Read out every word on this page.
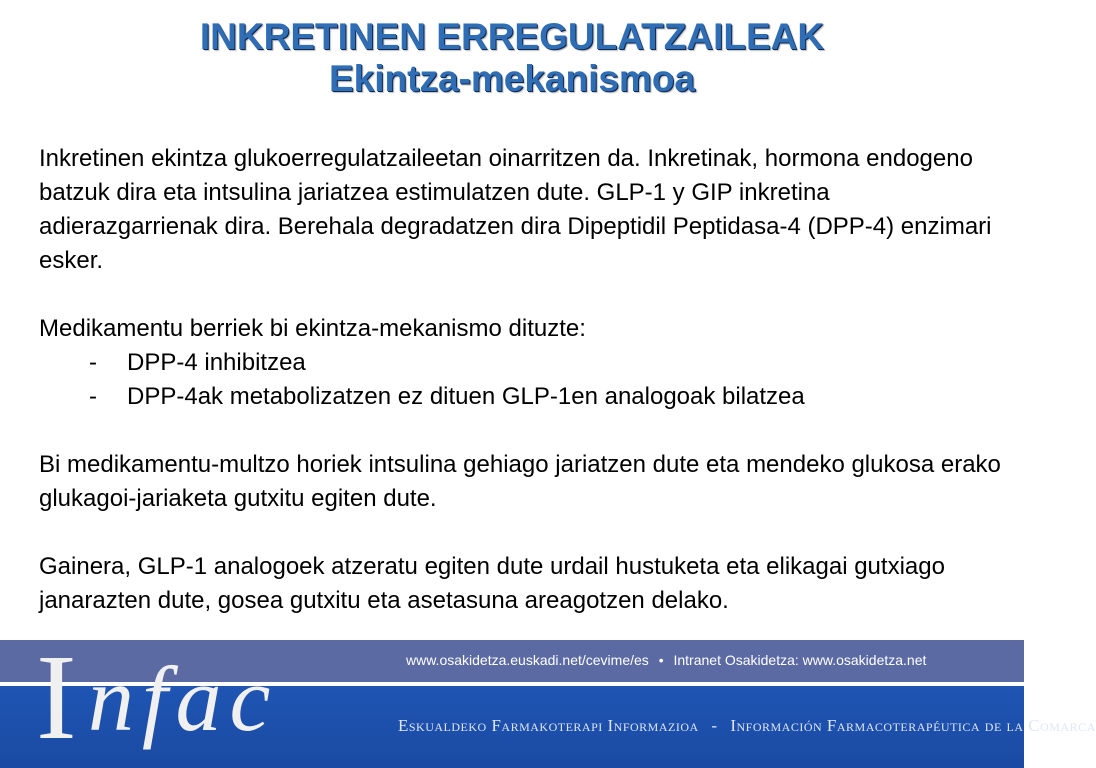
INKRETINEN ERREGULATZAILEAK
Ekintza-mekanismoa

Inkretinen ekintza glukoerregulatzaileetan oinarritzen da. Inkretinak, hormona endogeno batzuk dira eta intsulina jariatzea estimulatzen dute. GLP-1 y GIP inkretina adierazgarrienak dira. Berehala degradatzen dira Dipeptidil Peptidasa-4 (DPP-4) enzimari esker.

Medikamentu berriek bi ekintza-mekanismo dituzte:

-	DPP-4 inhibitzea
-	DPP-4ak metabolizatzen ez dituen GLP-1en analogoak bilatzea

Bi medikamentu-multzo horiek intsulina gehiago jariatzen dute eta mendeko glukosa erako glukagoi-jariaketa gutxitu egiten dute.

Gainera, GLP-1 analogoek atzeratu egiten dute urdail hustuketa eta elikagai gutxiago janarazten dute, gosea gutxitu eta asetasuna areagotzen delako.

I nfac	www.osakidetza.euskadi.net/cevime/es • Intranet Osakidetza: www.osakidetza.net
Eskualdeko Farmakoterapi Informazioa - Información Farmacoterapéutica de la Comarca
